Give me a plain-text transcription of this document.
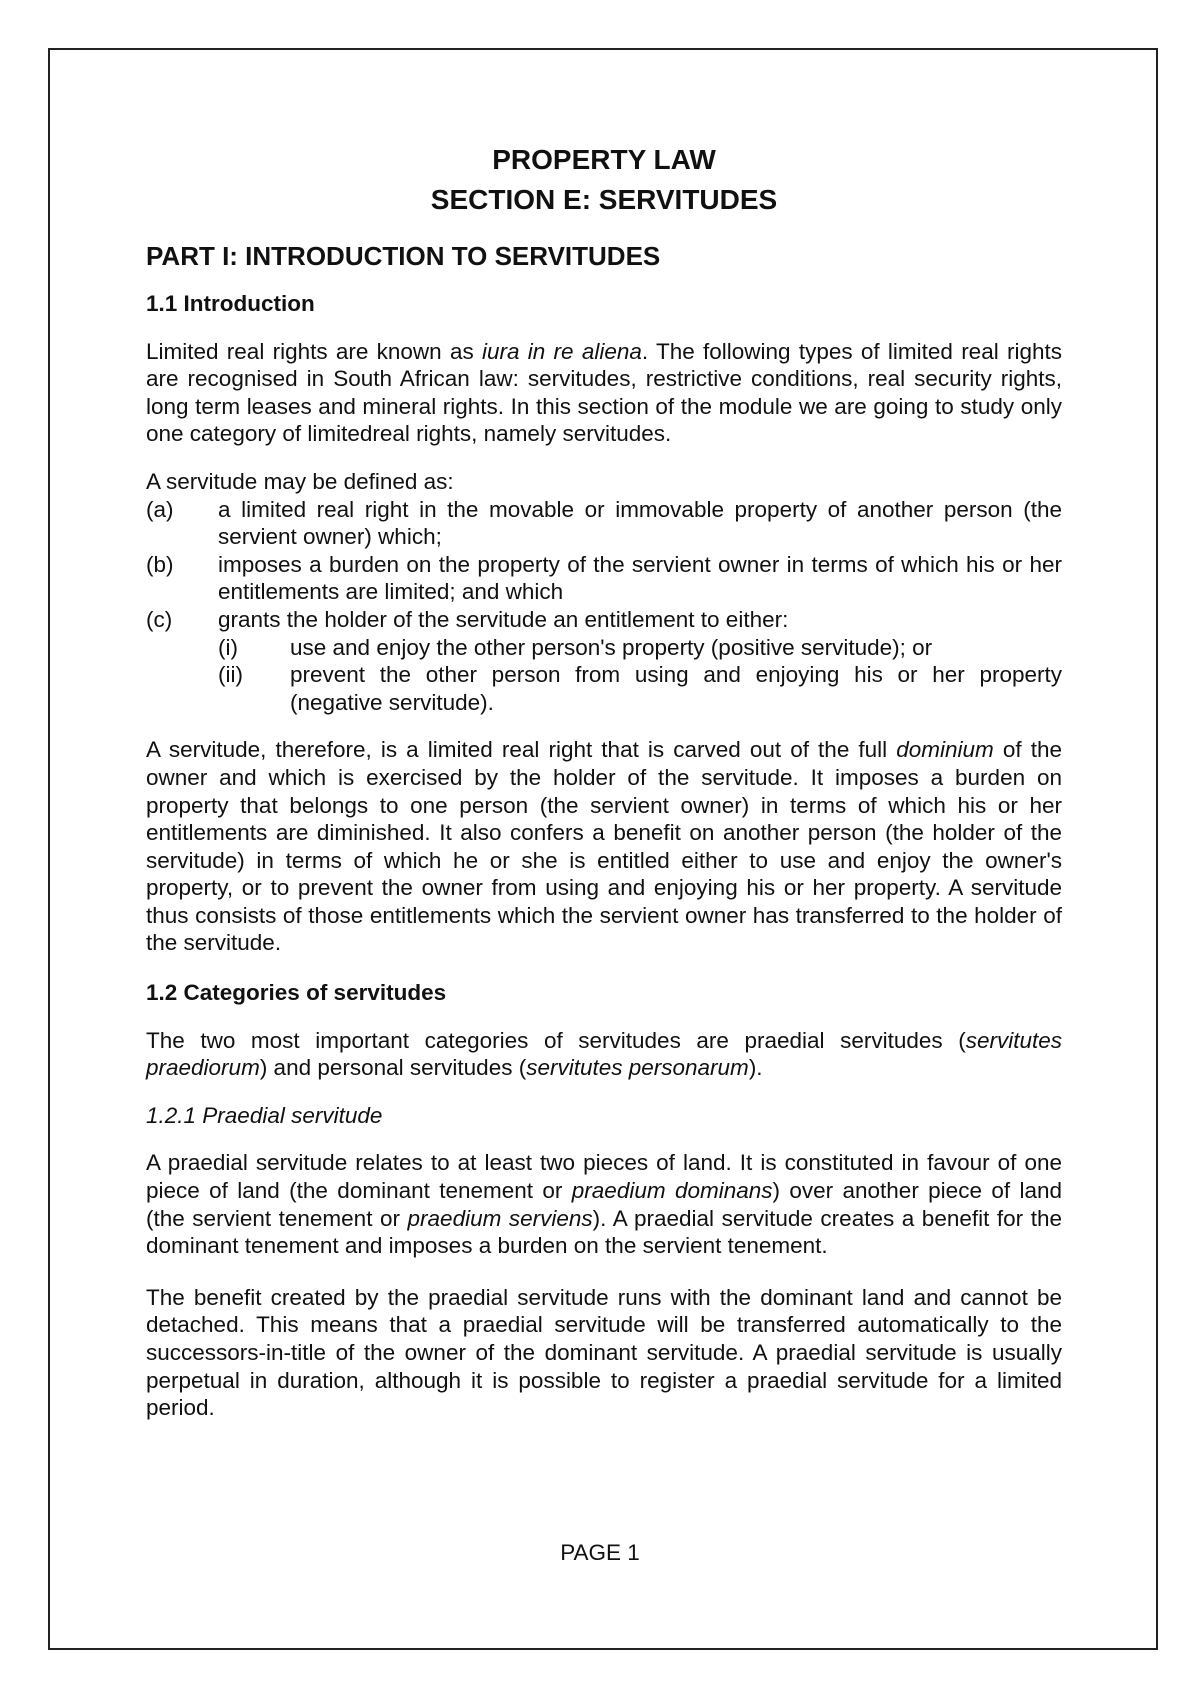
PROPERTY LAW
SECTION E: SERVITUDES
PART I: INTRODUCTION TO SERVITUDES
1.1 Introduction

Limited real rights are known as iura in re aliena. The following types of limited real rights are recognised in South African law: servitudes, restrictive conditions, real security rights, long term leases and mineral rights. In this section of the module we are going to study only one category of limitedreal rights, namely servitudes.

A servitude may be defined as:

(a)	a limited real right in the movable or immovable property of another person (the servient owner) which;
(b)	imposes a burden on the property of the servient owner in terms of which his or her entitlements are limited; and which
(c)	grants the holder of the servitude an entitlement to either:
(i)	use and enjoy the other person's property (positive servitude); or
(ii)	prevent the other person from using and enjoying his or her property (negative servitude).

A servitude, therefore, is a limited real right that is carved out of the full dominium of the owner and which is exercised by the holder of the servitude. It imposes a burden on property that belongs to one person (the servient owner) in terms of which his or her entitlements are diminished. It also confers a benefit on another person (the holder of the servitude) in terms of which he or she is entitled either to use and enjoy the owner's property, or to prevent the owner from using and enjoying his or her property. A servitude thus consists of those entitlements which the servient owner has transferred to the holder of the servitude.

1.2 Categories of servitudes

The two most important categories of servitudes are praedial servitudes (servitutes praediorum) and personal servitudes (servitutes personarum).

1.2.1 Praedial servitude

A praedial servitude relates to at least two pieces of land. It is constituted in favour of one piece of land (the dominant tenement or praedium dominans) over another piece of land (the servient tenement or praedium serviens). A praedial servitude creates a benefit for the dominant tenement and imposes a burden on the servient tenement.

The benefit created by the praedial servitude runs with the dominant land and cannot be detached. This means that a praedial servitude will be transferred automatically to the successors-in-title of the owner of the dominant servitude. A praedial servitude is usually perpetual in duration, although it is possible to register a praedial servitude for a limited period.

PAGE 1
